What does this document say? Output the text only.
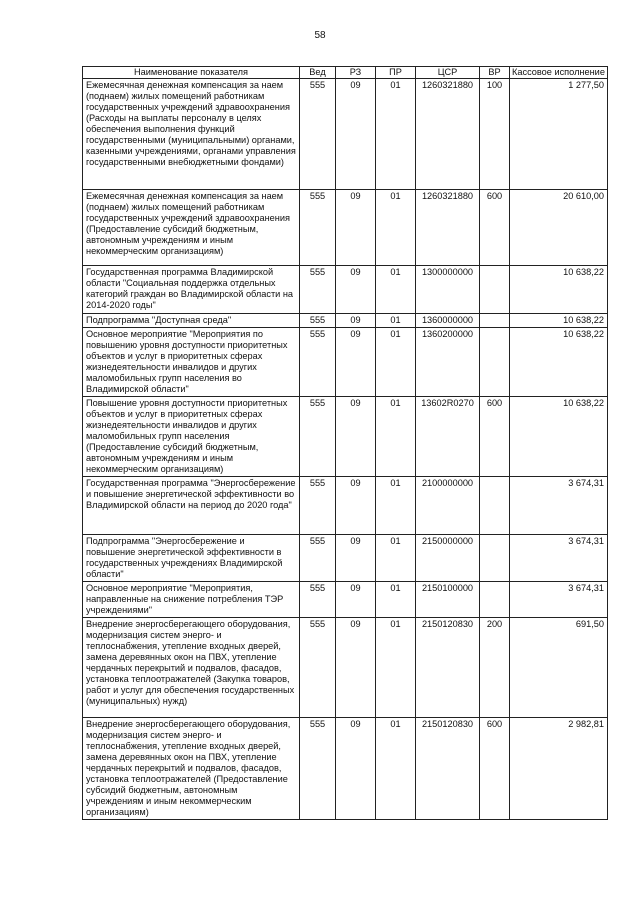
58
Наименование показателя	Вед	РЗ	ПР	ЦСР	ВР	Кассовое исполнение
Ежемесячная денежная компенсация за наем (поднаем) жилых помещений работникам государственных учреждений здравоохранения (Расходы на выплаты персоналу в целях обеспечения выполнения функций государственными (муниципальными) органами, казенными учреждениями, органами управления государственными внебюджетными фондами)	555	09	01	1260321880	100	1 277,50
Ежемесячная денежная компенсация за наем (поднаем) жилых помещений работникам государственных учреждений здравоохранения (Предоставление субсидий бюджетным, автономным учреждениям и иным некоммерческим организациям)	555	09	01	1260321880	600	20 610,00
Государственная программа Владимирской области "Социальная поддержка отдельных категорий граждан во Владимирской области на 2014-2020 годы"	555	09	01	1300000000		10 638,22
Подпрограмма "Доступная среда"	555	09	01	1360000000		10 638,22
Основное мероприятие "Мероприятия по повышению уровня доступности приоритетных объектов и услуг в приоритетных сферах жизнедеятельности инвалидов и других маломобильных групп населения во Владимирской области"	555	09	01	1360200000		10 638,22
Повышение уровня доступности приоритетных объектов и услуг в приоритетных сферах жизнедеятельности инвалидов и других маломобильных групп населения (Предоставление субсидий бюджетным, автономным учреждениям и иным некоммерческим организациям)	555	09	01	13602R0270	600	10 638,22
Государственная программа "Энергосбережение и повышение энергетической эффективности во Владимирской области на период до 2020 года"	555	09	01	2100000000		3 674,31
Подпрограмма "Энергосбережение и повышение энергетической эффективности в государственных учреждениях Владимирской области"	555	09	01	2150000000		3 674,31
Основное мероприятие "Мероприятия, направленные на снижение потребления ТЭР учреждениями"	555	09	01	2150100000		3 674,31
Внедрение энергосберегающего оборудования, модернизация систем энерго- и теплоснабжения, утепление входных дверей, замена деревянных окон на ПВХ, утепление чердачных перекрытий и подвалов, фасадов, установка теплоотражателей (Закупка товаров, работ и услуг для обеспечения государственных (муниципальных) нужд)	555	09	01	2150120830	200	691,50
Внедрение энергосберегающего оборудования, модернизация систем энерго- и теплоснабжения, утепление входных дверей, замена деревянных окон на ПВХ, утепление чердачных перекрытий и подвалов, фасадов, установка теплоотражателей (Предоставление субсидий бюджетным, автономным учреждениям и иным некоммерческим организациям)	555	09	01	2150120830	600	2 982,81
